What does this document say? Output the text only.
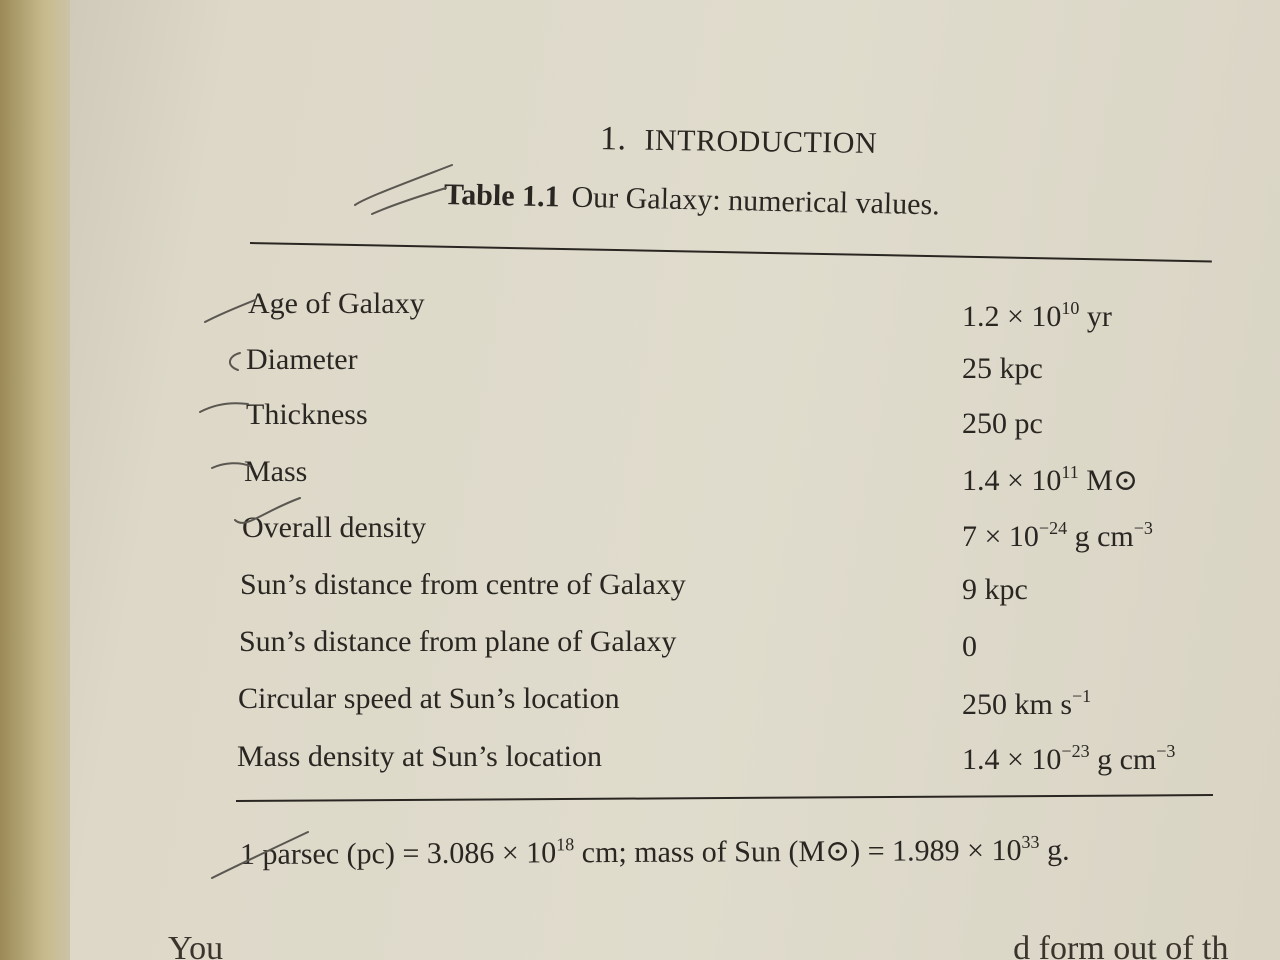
1. INTRODUCTION
Table 1.1 Our Galaxy: numerical values.
Age of Galaxy	$1.2 \times 10^{10}$ yr
Diameter	25 kpc
Thickness	250 pc
Mass	$1.4 \times 10^{11}$ M⊙
Overall density	$7 \times 10^{-24}$ g $cm^{-3}$
Sun’s distance from centre of Galaxy	9 kpc
Sun’s distance from plane of Galaxy	0
Circular speed at Sun’s location	250 km $s^{-1}$
Mass density at Sun’s location	$1.4 \times 10^{-23}$ g $cm^{-3}$
1 parsec $(pc) = 3.086 \times 10^{18}$ cm; mass of Sun (M⊙) = $1.989 \times 10^{33}$ g.
You	d form out of th
